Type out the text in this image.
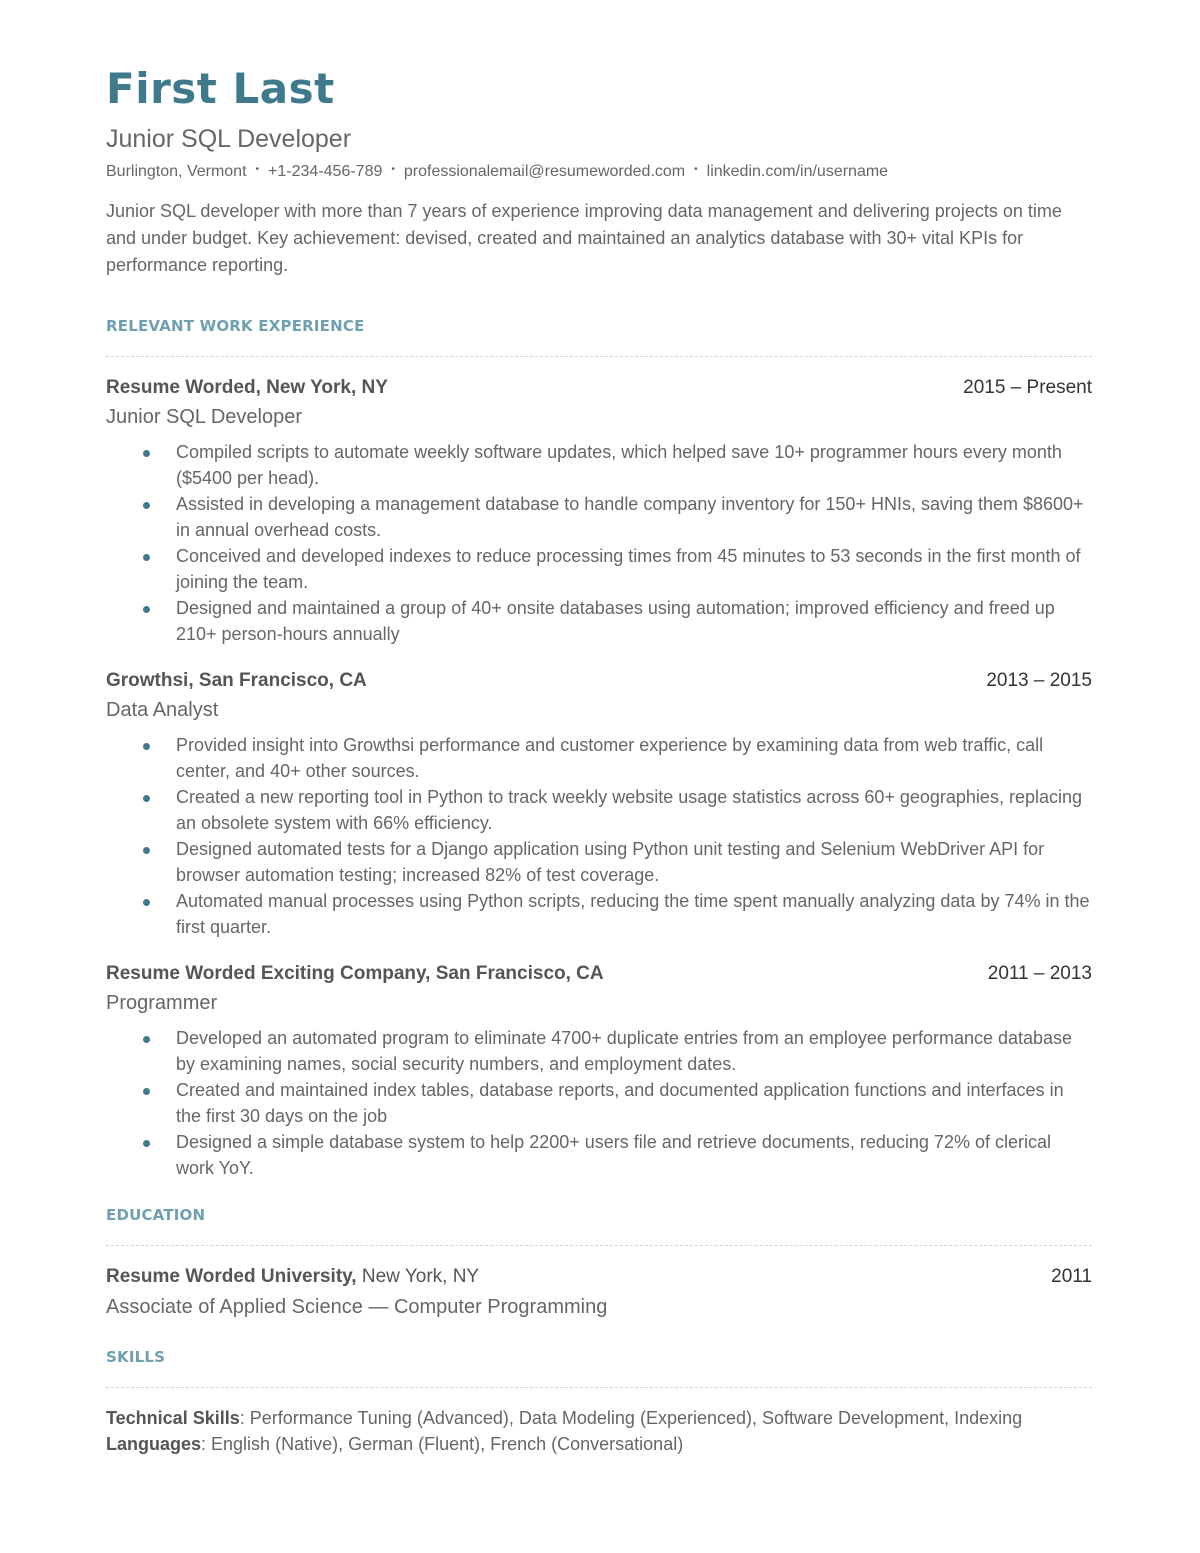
First Last
Junior SQL Developer
Burlington, Vermont • +1-234-456-789 • professionalemail@resumeworded.com • linkedin.com/in/username
Junior SQL developer with more than 7 years of experience improving data management and delivering projects on time and under budget. Key achievement: devised, created and maintained an analytics database with 30+ vital KPIs for performance reporting.
RELEVANT WORK EXPERIENCE
Resume Worded, New York, NY	2015 – Present
Junior SQL Developer
Compiled scripts to automate weekly software updates, which helped save 10+ programmer hours every month ($5400 per head).
Assisted in developing a management database to handle company inventory for 150+ HNIs, saving them $8600+ in annual overhead costs.
Conceived and developed indexes to reduce processing times from 45 minutes to 53 seconds in the first month of joining the team.
Designed and maintained a group of 40+ onsite databases using automation; improved efficiency and freed up 210+ person-hours annually
Growthsi, San Francisco, CA	2013 – 2015
Data Analyst
Provided insight into Growthsi performance and customer experience by examining data from web traffic, call center, and 40+ other sources.
Created a new reporting tool in Python to track weekly website usage statistics across 60+ geographies, replacing an obsolete system with 66% efficiency.
Designed automated tests for a Django application using Python unit testing and Selenium WebDriver API for browser automation testing; increased 82% of test coverage.
Automated manual processes using Python scripts, reducing the time spent manually analyzing data by 74% in the first quarter.
Resume Worded Exciting Company, San Francisco, CA	2011 – 2013
Programmer
Developed an automated program to eliminate 4700+ duplicate entries from an employee performance database by examining names, social security numbers, and employment dates.
Created and maintained index tables, database reports, and documented application functions and interfaces in the first 30 days on the job
Designed a simple database system to help 2200+ users file and retrieve documents, reducing 72% of clerical work YoY.
EDUCATION
Resume Worded University, New York, NY	2011
Associate of Applied Science — Computer Programming
SKILLS
Technical Skills: Performance Tuning (Advanced), Data Modeling (Experienced), Software Development, Indexing
Languages: English (Native), German (Fluent), French (Conversational)
